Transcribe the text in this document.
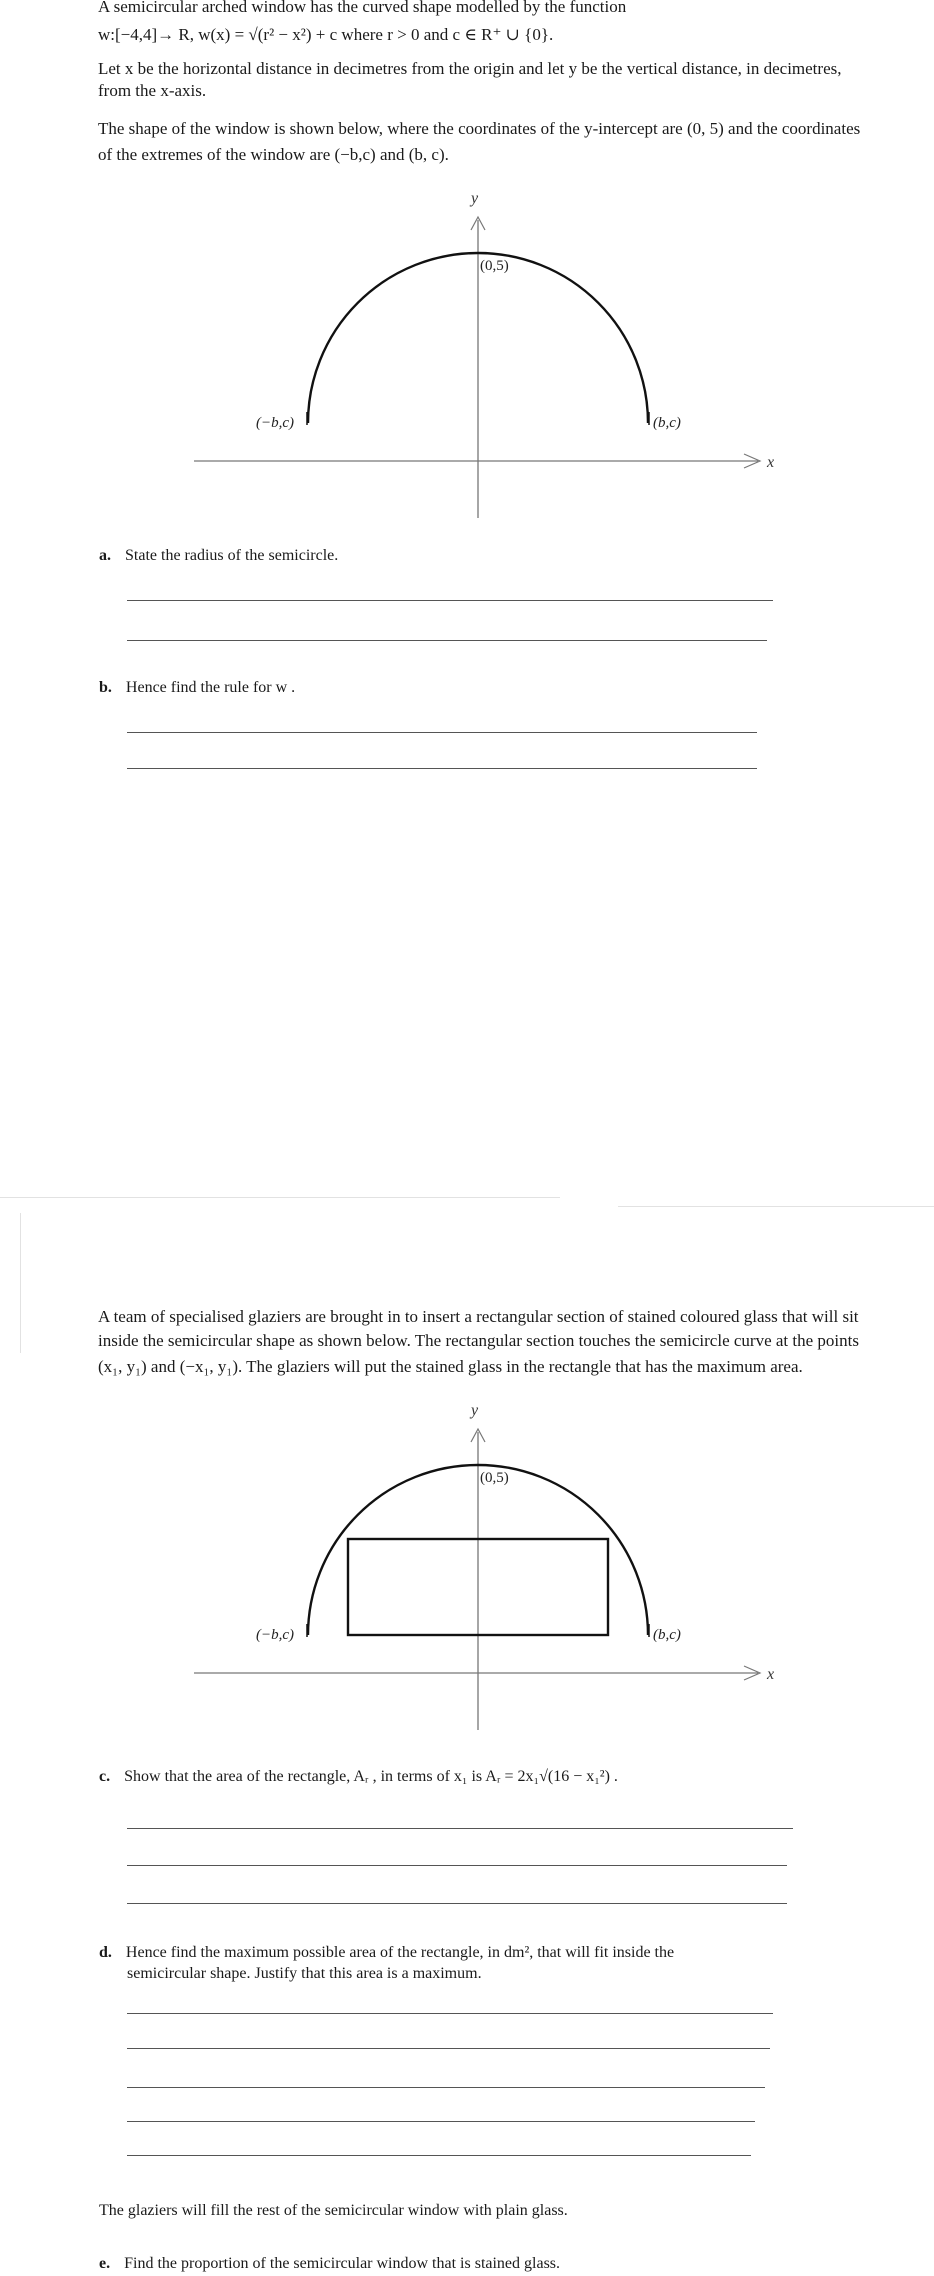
A semicircular arched window has the curved shape modelled by the function
w:[−4,4]→ R, w(x) = √(r² − x²) + c where r > 0 and c ∈ R⁺ ∪ {0}.
Let x be the horizontal distance in decimetres from the origin and let y be the vertical distance, in decimetres,
from the x-axis.
The shape of the window is shown below, where the coordinates of the y-intercept are (0, 5) and the coordinates
of the extremes of the window are (−b,c) and (b, c).
y
x
(0,5)
(−b,c)	(b,c)
a. State the radius of the semicircle.
b. Hence find the rule for w .
A team of specialised glaziers are brought in to insert a rectangular section of stained coloured glass that will sit
inside the semicircular shape as shown below. The rectangular section touches the semicircle curve at the points
(x₁, y₁) and (−x₁, y₁). The glaziers will put the stained glass in the rectangle that has the maximum area.
y
x
(0,5)
(−b,c)	(b,c)
c. Show that the area of the rectangle, Aᵣ , in terms of x₁ is Aᵣ = 2x₁√(16 − x₁²) .
d. Hence find the maximum possible area of the rectangle, in dm², that will fit inside the
semicircular shape. Justify that this area is a maximum.
The glaziers will fill the rest of the semicircular window with plain glass.
e. Find the proportion of the semicircular window that is stained glass.
